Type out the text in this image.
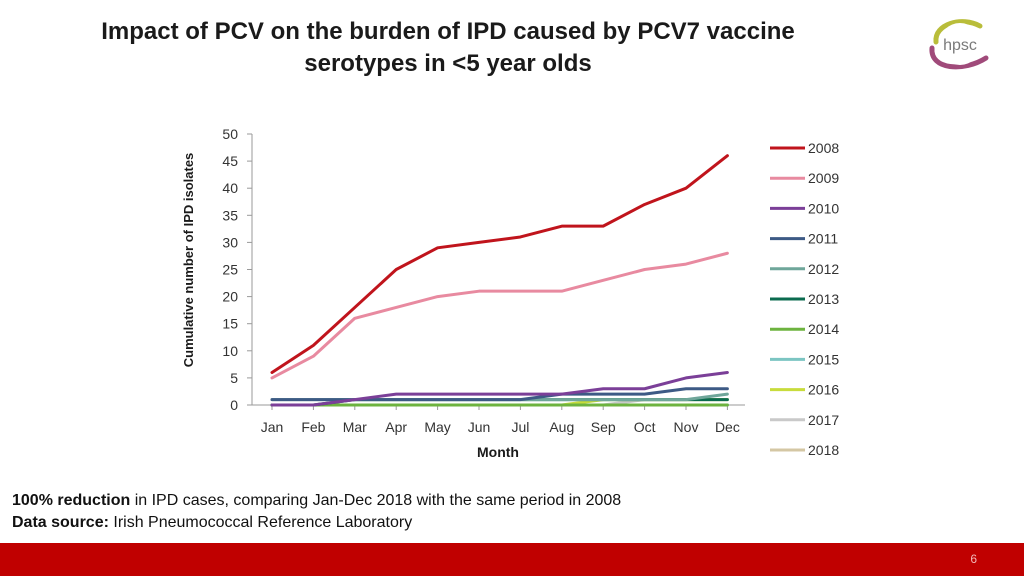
Impact of PCV on the burden of IPD caused by PCV7 vaccine
serotypes in <5 year olds
hpsc
0
5
10
15
20
25
30
35
40
45
50
Jan Feb Mar Apr May Jun Jul Aug Sep Oct Nov Dec
2008
2009
2010
2011
2012
2013
2014
2015
2016
2017
2018
Cumulative number of IPD isolates
Month
100% reduction in IPD cases, comparing Jan-Dec 2018 with the same period in 2008
Data source: Irish Pneumococcal Reference Laboratory
6
